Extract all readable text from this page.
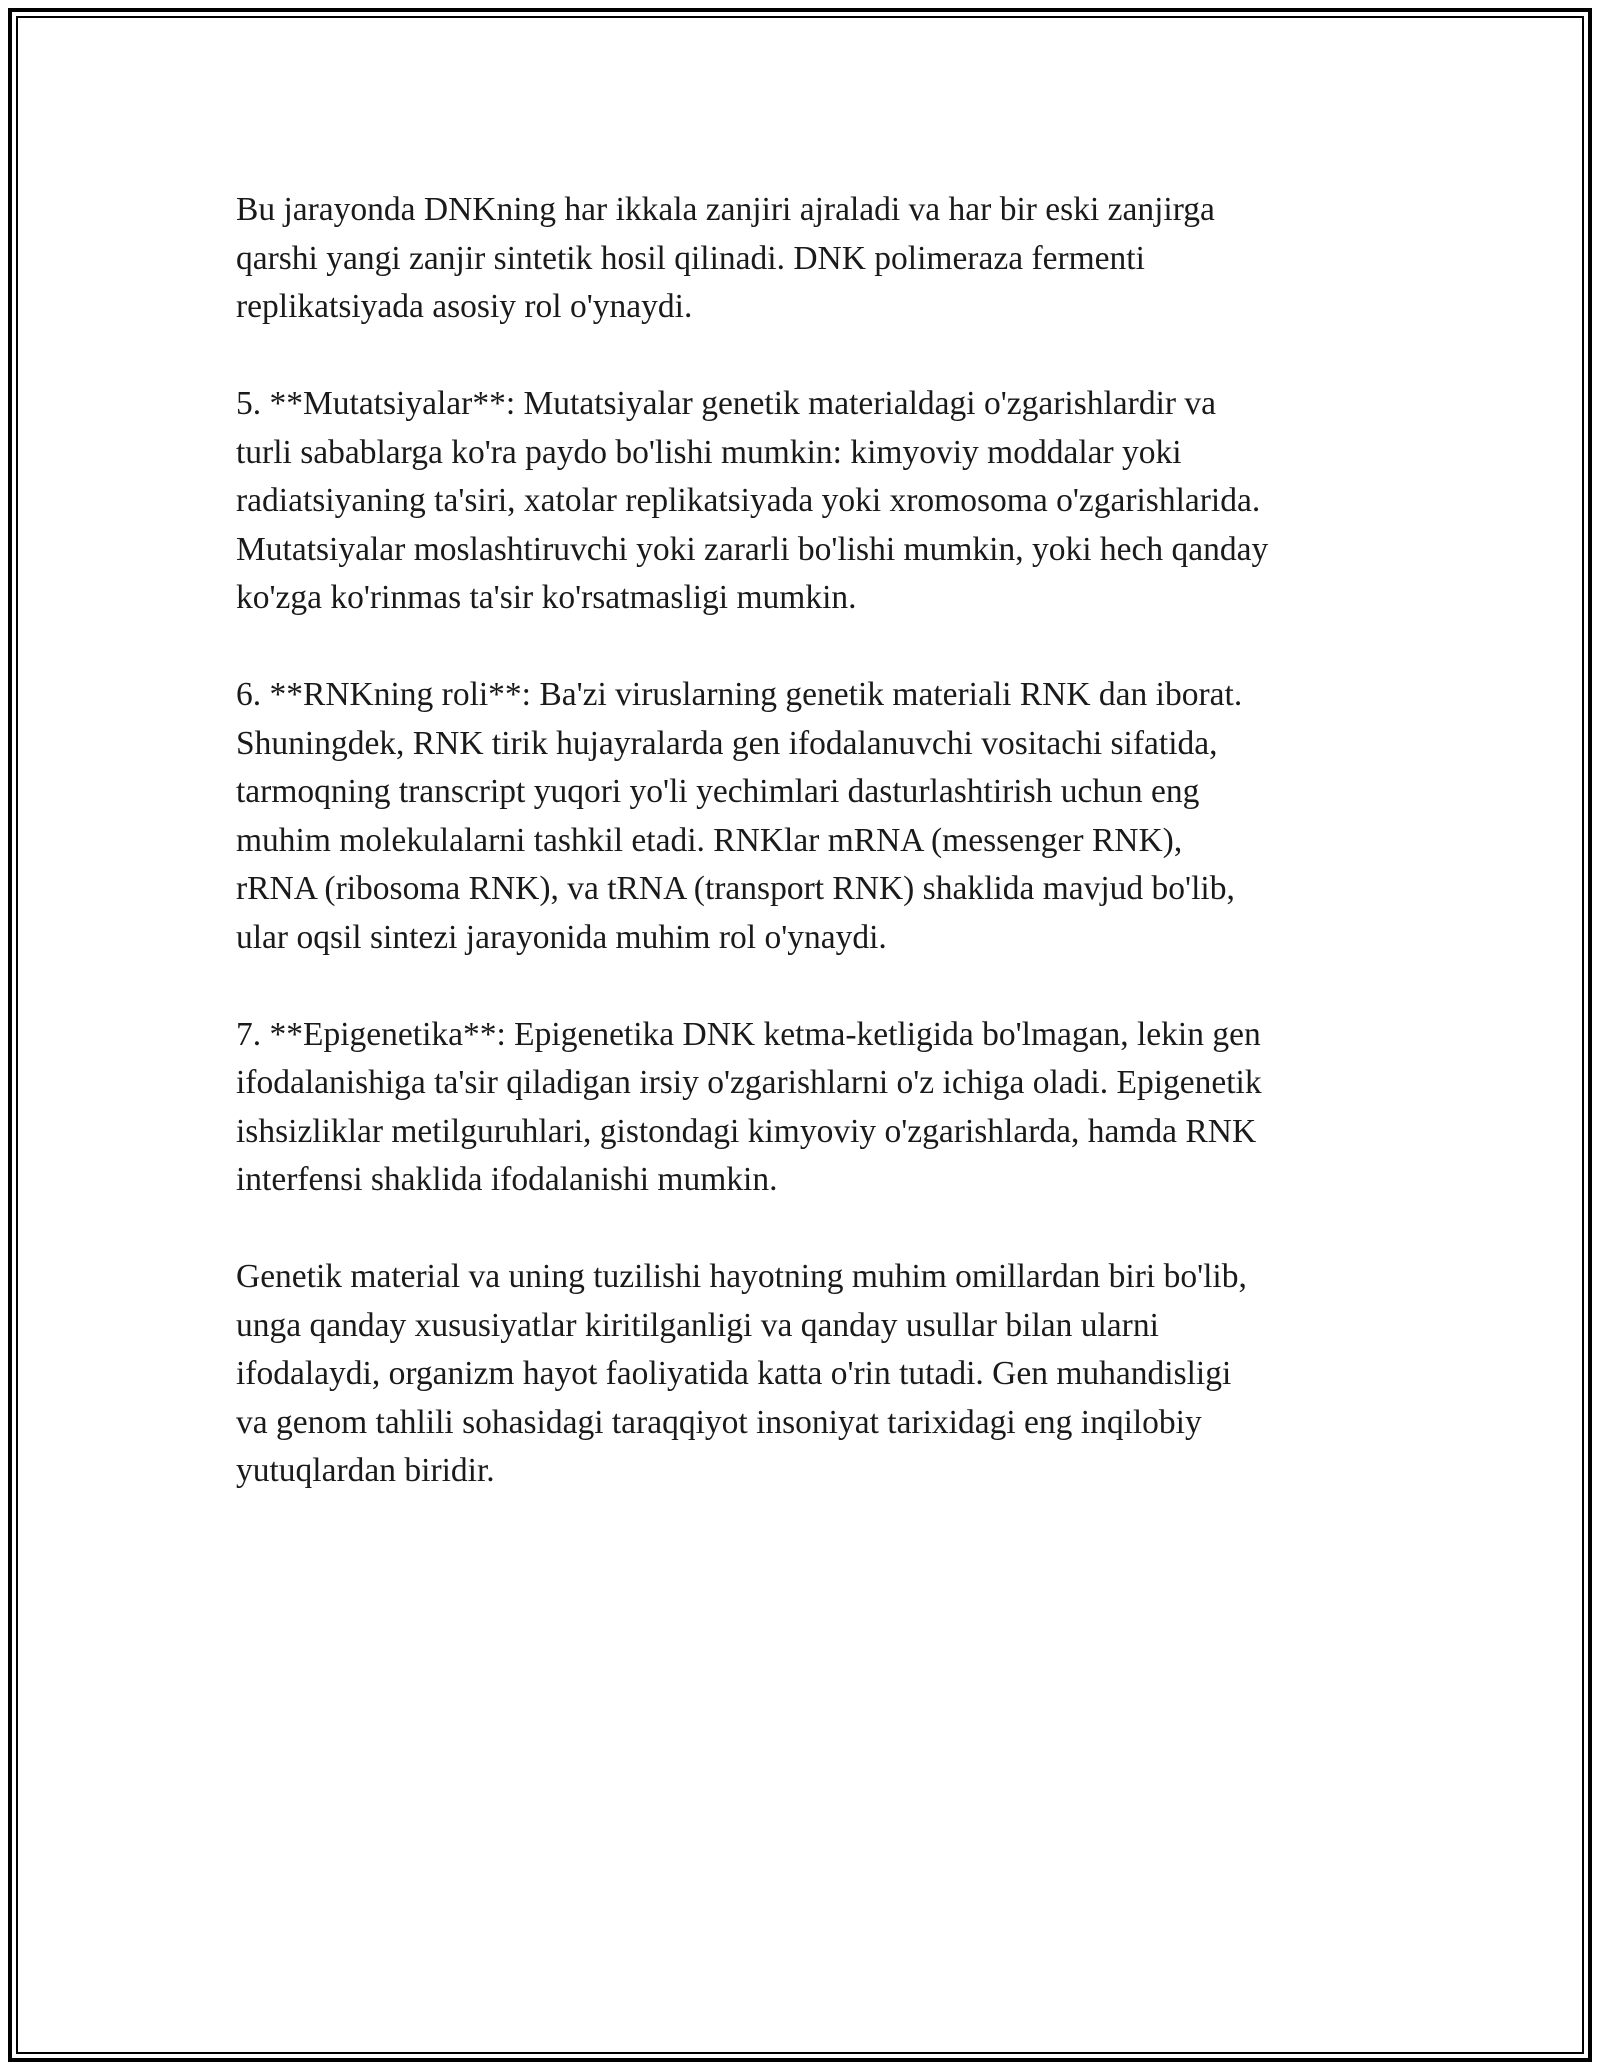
Bu jarayonda DNKning har ikkala zanjiri ajraladi va har bir eski zanjirga
qarshi yangi zanjir sintetik hosil qilinadi. DNK polimeraza fermenti
replikatsiyada asosiy rol o'ynaydi.

5. **Mutatsiyalar**: Mutatsiyalar genetik materialdagi o'zgarishlardir va
turli sabablarga ko'ra paydo bo'lishi mumkin: kimyoviy moddalar yoki
radiatsiyaning ta'siri, xatolar replikatsiyada yoki xromosoma o'zgarishlarida.
Mutatsiyalar moslashtiruvchi yoki zararli bo'lishi mumkin, yoki hech qanday
ko'zga ko'rinmas ta'sir ko'rsatmasligi mumkin.

6. **RNKning roli**: Ba'zi viruslarning genetik materiali RNK dan iborat.
Shuningdek, RNK tirik hujayralarda gen ifodalanuvchi vositachi sifatida,
tarmoqning transcript yuqori yo'li yechimlari dasturlashtirish uchun eng
muhim molekulalarni tashkil etadi. RNKlar mRNA (messenger RNK),
rRNA (ribosoma RNK), va tRNA (transport RNK) shaklida mavjud bo'lib,
ular oqsil sintezi jarayonida muhim rol o'ynaydi.

7. **Epigenetika**: Epigenetika DNK ketma-ketligida bo'lmagan, lekin gen
ifodalanishiga ta'sir qiladigan irsiy o'zgarishlarni o'z ichiga oladi. Epigenetik
ishsizliklar metilguruhlari, gistondagi kimyoviy o'zgarishlarda, hamda RNK
interfensi shaklida ifodalanishi mumkin.

Genetik material va uning tuzilishi hayotning muhim omillardan biri bo'lib,
unga qanday xususiyatlar kiritilganligi va qanday usullar bilan ularni
ifodalaydi, organizm hayot faoliyatida katta o'rin tutadi. Gen muhandisligi
va genom tahlili sohasidagi taraqqiyot insoniyat tarixidagi eng inqilobiy
yutuqlardan biridir.
